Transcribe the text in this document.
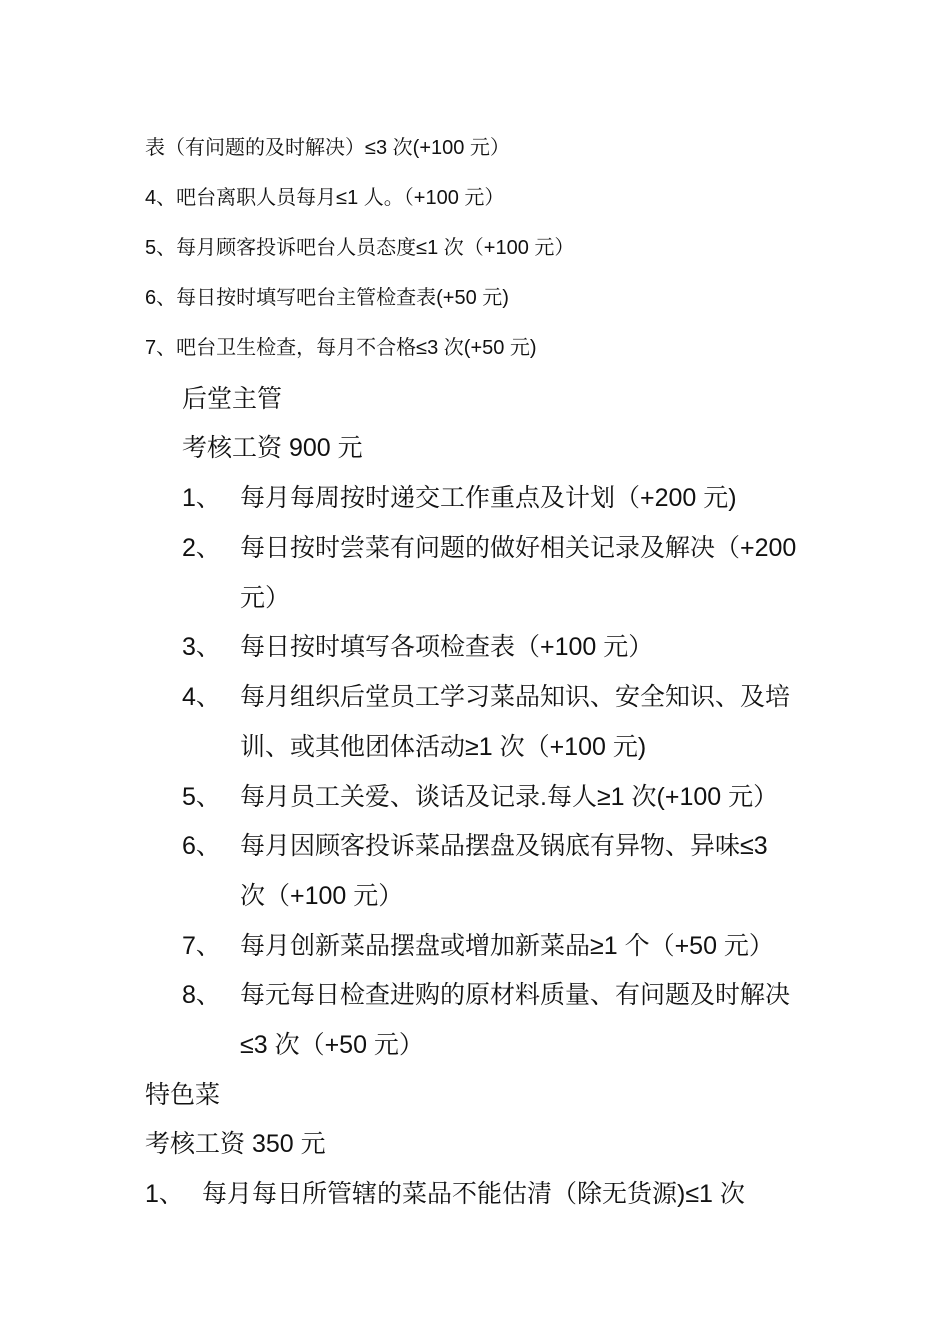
表（有问题的及时解决）≤3 次(+100 元）
4、吧台离职人员每月≤1 人。（+100 元）
5、每月顾客投诉吧台人员态度≤1 次（+100 元）
6、每日按时填写吧台主管检查表(+50 元)
7、吧台卫生检查，每月不合格≤3 次(+50 元)
后堂主管
考核工资 900 元
1、 每月每周按时递交工作重点及计划（+200 元)
2、 每日按时尝菜有问题的做好相关记录及解决（+200
元）
3、 每日按时填写各项检查表（+100 元）
4、 每月组织后堂员工学习菜品知识、安全知识、及培
训、或其他团体活动≥1 次（+100 元)
5、 每月员工关爱、谈话及记录.每人≥1 次(+100 元）
6、 每月因顾客投诉菜品摆盘及锅底有异物、异味≤3
次（+100 元）
7、 每月创新菜品摆盘或增加新菜品≥1 个（+50 元）
8、 每元每日检查进购的原材料质量、有问题及时解决
≤3 次（+50 元）
特色菜
考核工资 350 元
1、 每月每日所管辖的菜品不能估清（除无货源)≤1 次
